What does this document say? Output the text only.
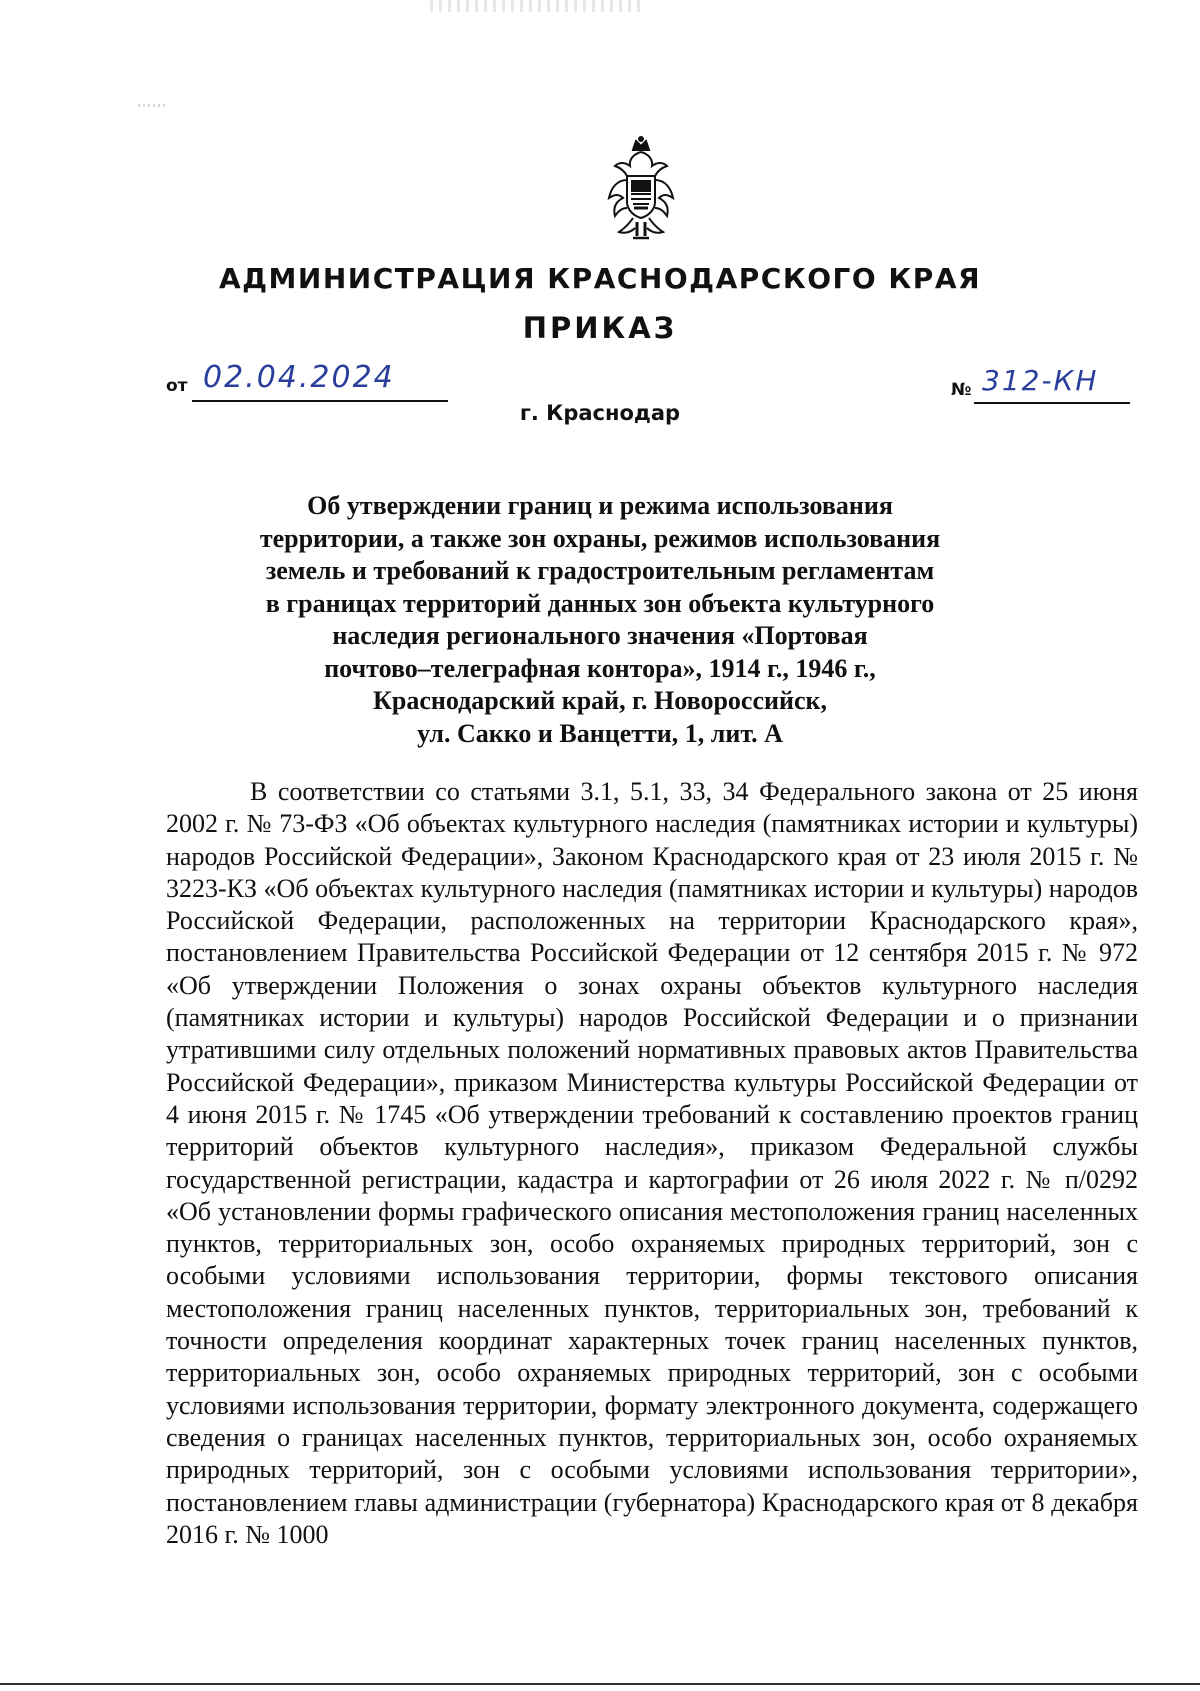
АДМИНИСТРАЦИЯ КРАСНОДАРСКОГО КРАЯ
ПРИКАЗ
от 02.04.2024	№ 312-КН

г. Краснодар

Об утверждении границ и режима использования
территории, а также зон охраны, режимов использования
земель и требований к градостроительным регламентам
в границах территорий данных зон объекта культурного
наследия регионального значения «Портовая
почтово–телеграфная контора», 1914 г., 1946 г.,
Краснодарский край, г. Новороссийск,
ул. Сакко и Ванцетти, 1, лит. А

В соответствии со статьями 3.1, 5.1, 33, 34 Федерального закона от 25 июня 2002 г. № 73-ФЗ «Об объектах культурного наследия (памятниках истории и культуры) народов Российской Федерации», Законом Краснодарского края от 23 июля 2015 г. № 3223-КЗ «Об объектах культурного наследия (памятниках истории и культуры) народов Российской Федерации, расположенных на территории Краснодарского края», постановлением Правительства Российской Федерации от 12 сентября 2015 г. № 972 «Об утверждении Положения о зонах охраны объектов культурного наследия (памятниках истории и культуры) народов Российской Федерации и о признании утратившими силу отдельных положений нормативных правовых актов Правительства Российской Федерации», приказом Министерства культуры Российской Федерации от 4 июня 2015 г. № 1745 «Об утверждении требований к составлению проектов границ территорий объектов культурного наследия», приказом Федеральной службы государственной регистрации, кадастра и картографии от 26 июля 2022 г. № п/0292 «Об установлении формы графического описания местоположения границ населенных пунктов, территориальных зон, особо охраняемых природных территорий, зон с особыми условиями использования территории, формы текстового описания местоположения границ населенных пунктов, территориальных зон, требований к точности определения координат характерных точек границ населенных пунктов, территориальных зон, особо охраняемых природных территорий, зон с особыми условиями использования территории, формату электронного документа, содержащего сведения о границах населенных пунктов, территориальных зон, особо охраняемых природных территорий, зон с особыми условиями использования территории», постановлением главы администрации (губернатора) Краснодарского края от 8 декабря 2016 г. № 1000
